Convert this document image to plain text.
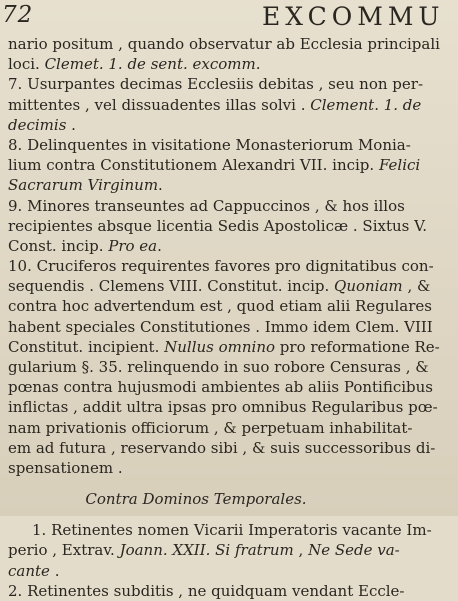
72	EXCOMMU
nario positum , quando observatur ab Ecclesia principali
loci. Clemet. 1. de sent. excomm.
7. Usurpantes decimas Ecclesiis debitas , seu non per-
mittentes , vel dissuadentes illas solvi . Clement. 1. de
decimis .
8. Delinquentes in visitatione Monasteriorum Monia-
lium contra Constitutionem Alexandri VII. incip. Felici
Sacrarum Virginum.
9. Minores transeuntes ad Cappuccinos , & hos illos
recipientes absque licentia Sedis Apostolicæ . Sixtus V.
Const. incip. Pro ea.
10. Cruciferos requirentes favores pro dignitatibus con-
sequendis . Clemens VIII. Constitut. incip. Quoniam , &
contra hoc advertendum est , quod etiam alii Regulares
habent speciales Constitutiones . Immo idem Clem. VIII
Constitut. incipient. Nullus omnino pro reformatione Re-
gularium §. 35. relinquendo in suo robore Censuras , &
pœnas contra hujusmodi ambientes ab aliis Pontificibus
inflictas , addit ultra ipsas pro omnibus Regularibus pœ-
nam privationis officiorum , & perpetuam inhabilitat-
em ad futura , reservando sibi , & suis successoribus di-
spensationem .
Contra Dominos Temporales.
1. Retinentes nomen Vicarii Imperatoris vacante Im-
perio , Extrav. Joann. XXII. Si fratrum , Ne Sede va-
cante .
2. Retinentes subditis , ne quidquam vendant Eccle-
